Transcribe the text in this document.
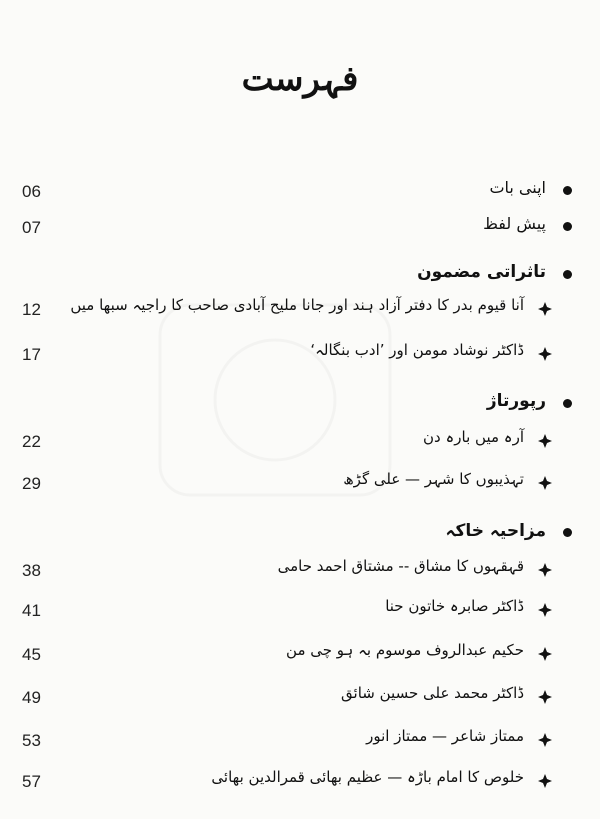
فہرست
06	اپنی بات
07	پیش لفظ
تاثراتی مضمون
12	آنا قیوم بدر کا دفتر آزاد ہند اور جانا ملیح آبادی صاحب کا راجیہ سبھا میں
17	ڈاکٹر نوشاد مومن اور ’ادب بنگالہ‘
رپورتاژ
22	آرہ میں بارہ دن
29	تہذیبوں کا شہر — علی گڑھ
مزاحیہ خاکہ
38	قہقہوں کا مشاق -- مشتاق احمد حامی
41	ڈاکٹر صابرہ خاتون حنا
45	حکیم عبدالروف موسوم بہ ہو چی من
49	ڈاکٹر محمد علی حسین شائق
53	ممتاز شاعر — ممتاز انور
57	خلوص کا امام باڑہ — عظیم بھائی قمرالدین بھائی
